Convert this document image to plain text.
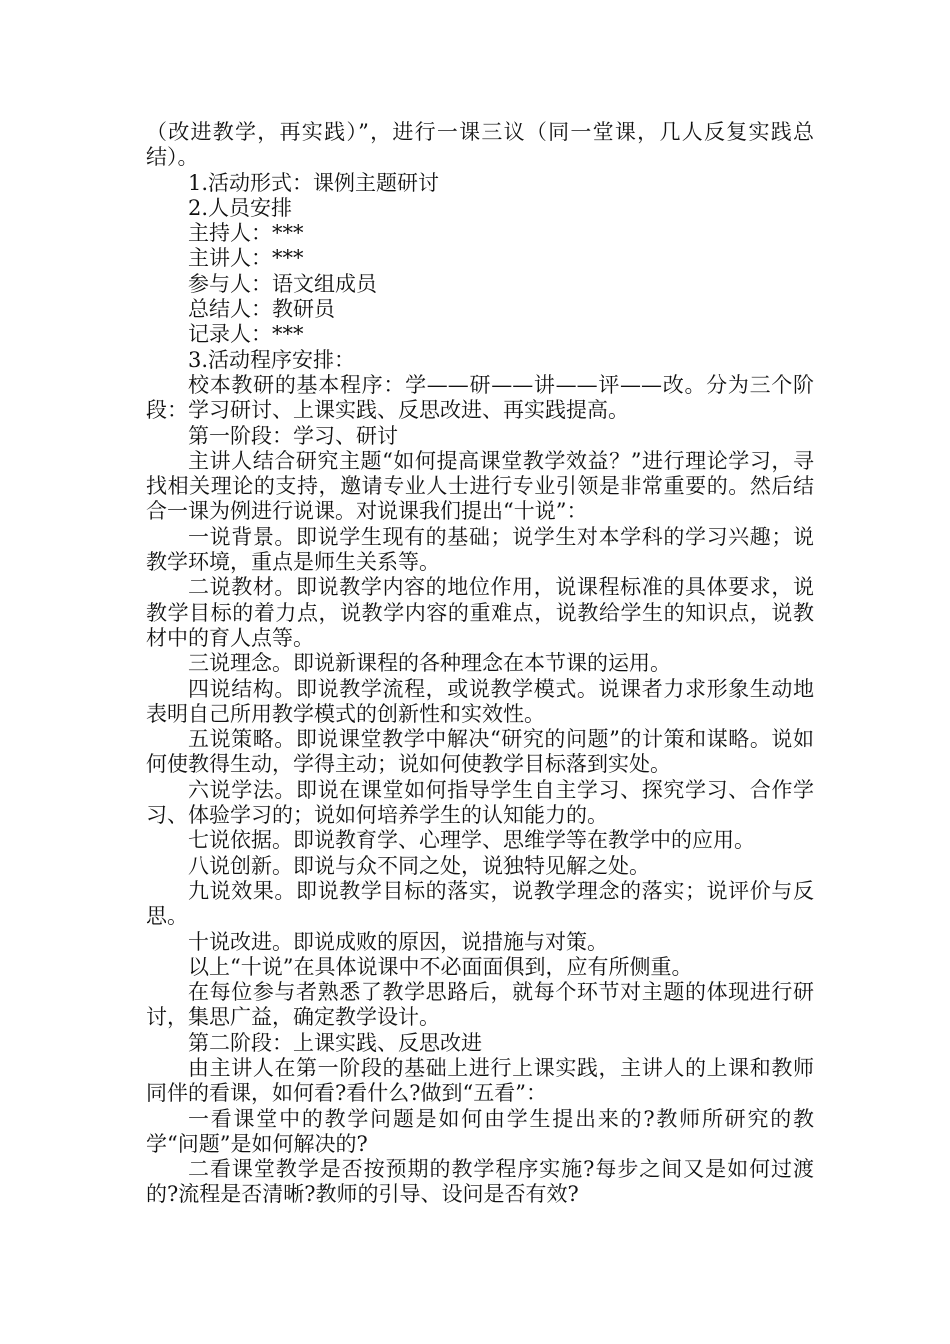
（改进教学，再实践）”，进行一课三议（同一堂课，几人反复实践总结）。

1.活动形式：课例主题研讨

2.人员安排

主持人：***

主讲人：***

参与人：语文组成员

总结人：教研员

记录人：***

3.活动程序安排：

校本教研的基本程序：学——研——讲——评——改。分为三个阶段：学习研讨、上课实践、反思改进、再实践提高。

第一阶段：学习、研讨

主讲人结合研究主题“如何提高课堂教学效益？”进行理论学习，寻找相关理论的支持，邀请专业人士进行专业引领是非常重要的。然后结合一课为例进行说课。对说课我们提出“十说”：

一说背景。即说学生现有的基础；说学生对本学科的学习兴趣；说教学环境，重点是师生关系等。

二说教材。即说教学内容的地位作用，说课程标准的具体要求，说教学目标的着力点，说教学内容的重难点，说教给学生的知识点，说教材中的育人点等。

三说理念。即说新课程的各种理念在本节课的运用。

四说结构。即说教学流程，或说教学模式。说课者力求形象生动地表明自己所用教学模式的创新性和实效性。

五说策略。即说课堂教学中解决“研究的问题”的计策和谋略。说如何使教得生动，学得主动；说如何使教学目标落到实处。

六说学法。即说在课堂如何指导学生自主学习、探究学习、合作学习、体验学习的；说如何培养学生的认知能力的。

七说依据。即说教育学、心理学、思维学等在教学中的应用。

八说创新。即说与众不同之处，说独特见解之处。

九说效果。即说教学目标的落实，说教学理念的落实；说评价与反思。

十说改进。即说成败的原因，说措施与对策。

以上“十说”在具体说课中不必面面俱到，应有所侧重。

在每位参与者熟悉了教学思路后，就每个环节对主题的体现进行研讨，集思广益，确定教学设计。

第二阶段：上课实践、反思改进

由主讲人在第一阶段的基础上进行上课实践，主讲人的上课和教师同伴的看课，如何看?看什么?做到“五看”：

一看课堂中的教学问题是如何由学生提出来的?教师所研究的教学“问题”是如何解决的?

二看课堂教学是否按预期的教学程序实施?每步之间又是如何过渡的?流程是否清晰?教师的引导、设问是否有效?
